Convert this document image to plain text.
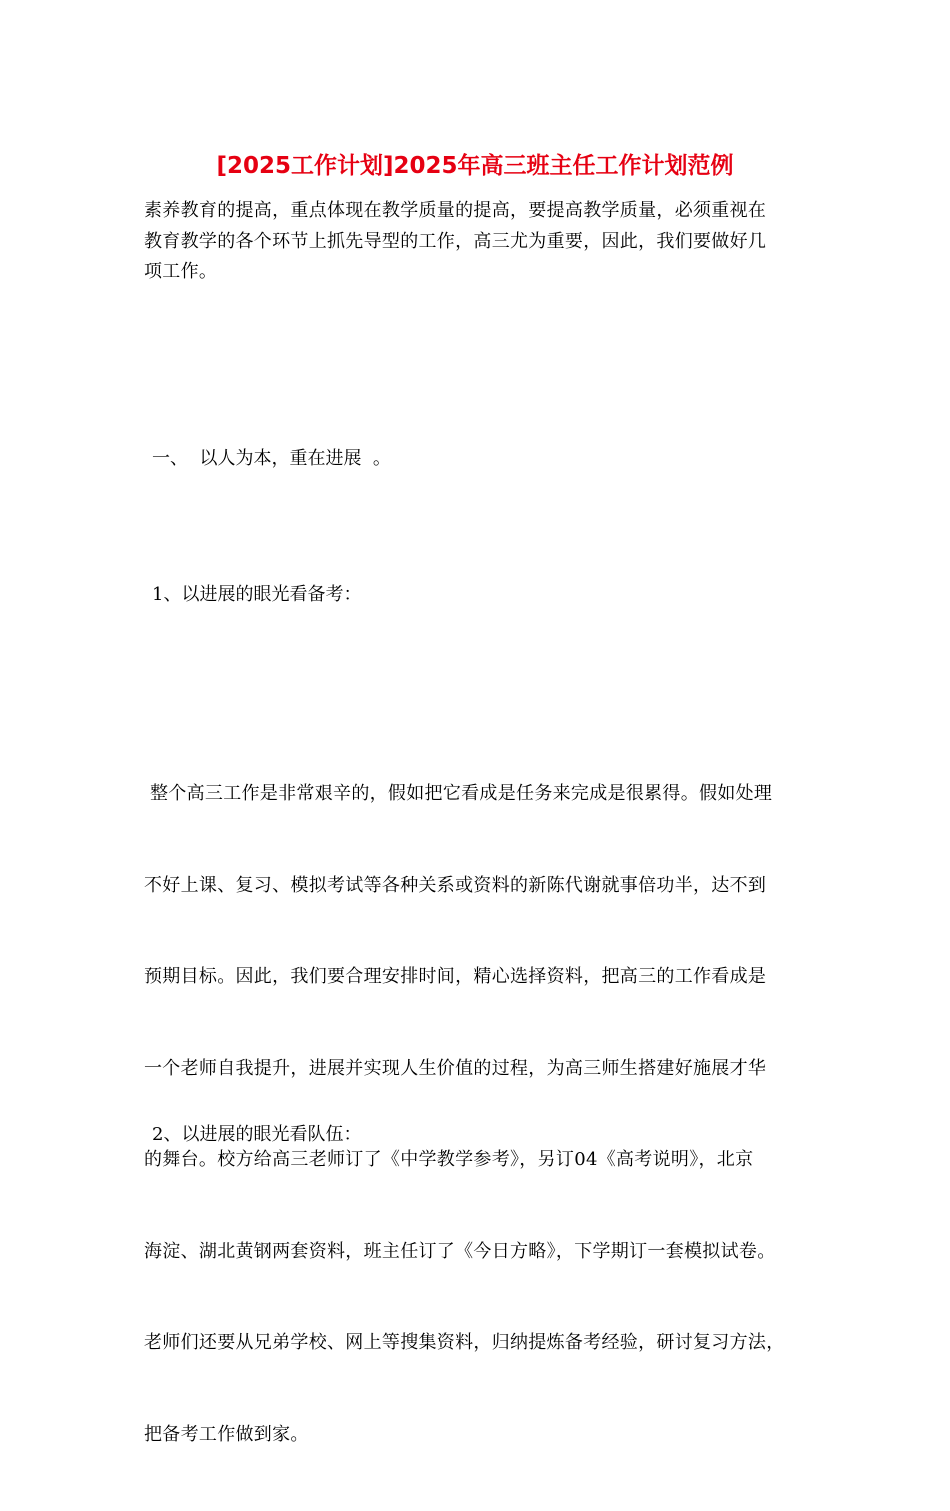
[2025工作计划]2025年高三班主任工作计划范例
素养教育的提高，重点体现在教学质量的提高，要提高教学质量，必须重视在
教育教学的各个环节上抓先导型的工作，高三尤为重要，因此，我们要做好几
项工作。
一、  以人为本，重在进展  。
1、以进展的眼光看备考：

整个高三工作是非常艰辛的，假如把它看成是任务来完成是很累得。假如处理

不好上课、复习、模拟考试等各种关系或资料的新陈代谢就事倍功半，达不到

预期目标。因此，我们要合理安排时间，精心选择资料，把高三的工作看成是

一个老师自我提升，进展并实现人生价值的过程，为高三师生搭建好施展才华

的舞台。校方给高三老师订了《中学教学参考》，另订04《高考说明》，北京

海淀、湖北黄钢两套资料，班主任订了《今日方略》，下学期订一套模拟试卷。

老师们还要从兄弟学校、网上等搜集资料，归纳提炼备考经验，研讨复习方法，

把备考工作做到家。

2、以进展的眼光看队伍：
